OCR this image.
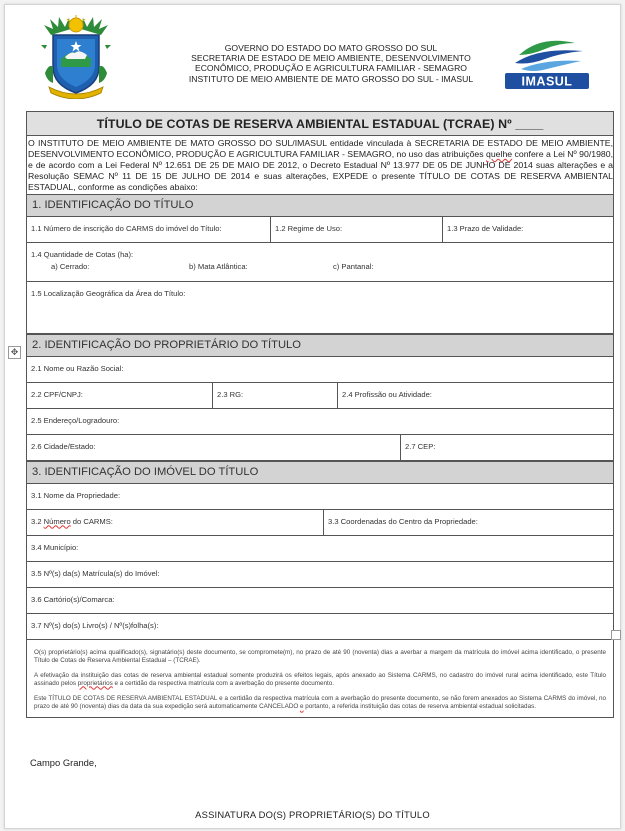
GOVERNO DO ESTADO DO MATO GROSSO DO SUL
SECRETARIA DE ESTADO DE MEIO AMBIENTE, DESENVOLVIMENTO
ECONÔMICO, PRODUÇÃO E AGRICULTURA FAMILIAR - SEMAGRO
INSTITUTO DE MEIO AMBIENTE DE MATO GROSSO DO SUL - IMASUL	IMASUL
TÍTULO DE COTAS DE RESERVA AMBIENTAL ESTADUAL (TCRAE) Nº ____
O INSTITUTO DE MEIO AMBIENTE DE MATO GROSSO DO SUL/IMASUL entidade vinculada à SECRETARIA DE ESTADO DE MEIO AMBIENTE, DESENVOLVIMENTO ECONÔMICO, PRODUÇÃO E AGRICULTURA FAMILIAR - SEMAGRO, no uso das atribuições quelhe confere a Lei Nº 90/1980, e de acordo com a Lei Federal Nº 12.651 DE 25 DE MAIO DE 2012, o Decreto Estadual Nº 13.977 DE 05 DE JUNHO DE 2014 suas alterações e a Resolução SEMAC Nº 11 DE 15 DE JULHO DE 2014 e suas alterações, EXPEDE o presente TÍTULO DE COTAS DE RESERVA AMBIENTAL ESTADUAL, conforme as condições abaixo:
1. IDENTIFICAÇÃO DO TÍTULO
1.1 Número de inscrição do CARMS do imóvel do Título:	1.2 Regime de Uso:	1.3 Prazo de Validade:
1.4 Quantidade de Cotas (ha):
a) Cerrado:	b) Mata Atlântica:	c) Pantanal:
1.5 Localização Geográfica da Área do Título:
2. IDENTIFICAÇÃO DO PROPRIETÁRIO DO TÍTULO
2.1 Nome ou Razão Social:
2.2 CPF/CNPJ:	2.3 RG:	2.4 Profissão ou Atividade:
2.5 Endereço/Logradouro:
2.6 Cidade/Estado:	2.7 CEP:
3. IDENTIFICAÇÃO DO IMÓVEL DO TÍTULO
3.1 Nome da Propriedade:
3.2 Número do CARMS:	3.3 Coordenadas do Centro da Propriedade:
3.4 Município:
3.5 Nº(s) da(s) Matrícula(s) do Imóvel:
3.6 Cartório(s)/Comarca:
3.7 Nº(s) do(s) Livro(s) / Nº(s)folha(s):

O(s) proprietário(s) acima qualificado(s), signatário(s) deste documento, se compromete(m), no prazo de até 90 (noventa) dias a averbar a margem da matrícula do imóvel acima identificado, o presente Título de Cotas de Reserva Ambiental Estadual – (TCRAE).

A efetivação da instituição das cotas de reserva ambiental estadual somente produzirá os efeitos legais, após anexado ao Sistema CARMS, no cadastro do imóvel rural acima identificado, este Título assinado pelos proprietários e a certidão da respectiva matrícula com a averbação do presente documento.

Este TÍTULO DE COTAS DE RESERVA AMBIENTAL ESTADUAL e a certidão da respectiva matrícula com a averbação do presente documento, se não forem anexados ao Sistema CARMS do imóvel, no prazo de até 90 (noventa) dias da data da sua expedição será automaticamente CANCELADO e portanto, a referida instituição das cotas de reserva ambiental estadual solicitadas.

Campo Grande,
ASSINATURA DO(S) PROPRIETÁRIO(S) DO TÍTULO
✥
